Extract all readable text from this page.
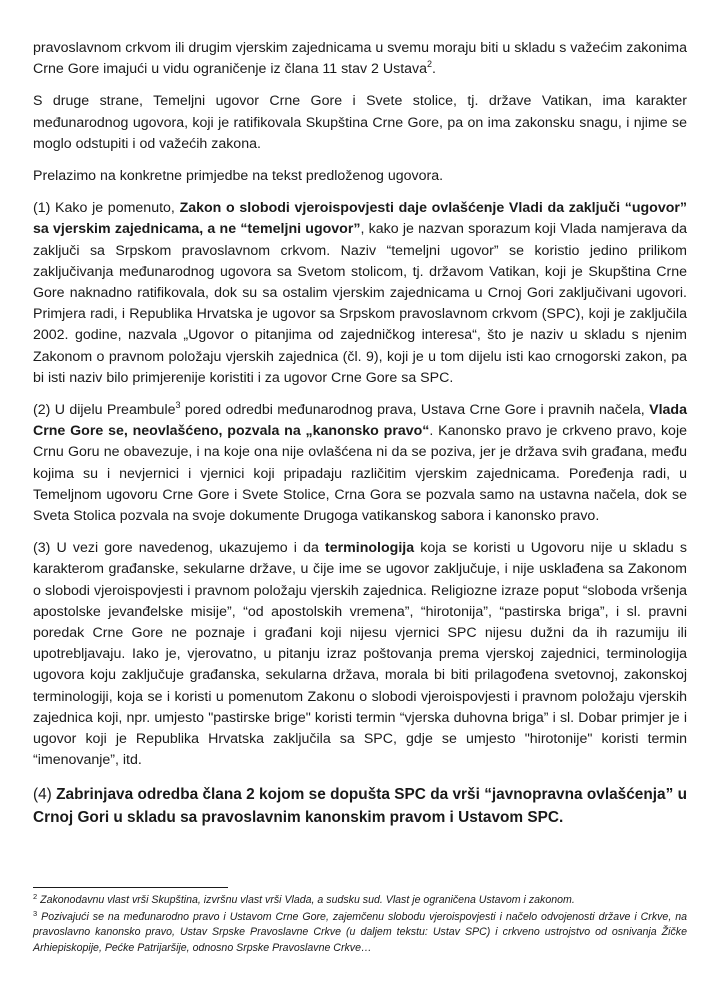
pravoslavnom crkvom ili drugim vjerskim zajednicama u svemu moraju biti u skladu s važećim zakonima Crne Gore imajući u vidu ograničenje iz člana 11 stav 2 Ustava$^2$.

S druge strane, Temeljni ugovor Crne Gore i Svete stolice, tj. države Vatikan, ima karakter međunarodnog ugovora, koji je ratifikovala Skupština Crne Gore, pa on ima zakonsku snagu, i njime se moglo odstupiti i od važećih zakona.

Prelazimo na konkretne primjedbe na tekst predloženog ugovora.

(1) Kako je pomenuto, Zakon o slobodi vjeroispovjesti daje ovlašćenje Vladi da zaključi “ugovor” sa vjerskim zajednicama, a ne “temeljni ugovor”, kako je nazvan sporazum koji Vlada namjerava da zaključi sa Srpskom pravoslavnom crkvom. Naziv “temeljni ugovor” se koristio jedino prilikom zaključivanja međunarodnog ugovora sa Svetom stolicom, tj. državom Vatikan, koji je Skupština Crne Gore naknadno ratifikovala, dok su sa ostalim vjerskim zajednicama u Crnoj Gori zaključivani ugovori. Primjera radi, i Republika Hrvatska je ugovor sa Srpskom pravoslavnom crkvom (SPC), koji je zaključila 2002. godine, nazvala „Ugovor o pitanjima od zajedničkog interesa“, što je naziv u skladu s njenim Zakonom o pravnom položaju vjerskih zajednica (čl. 9), koji je u tom dijelu isti kao crnogorski zakon, pa bi isti naziv bilo primjerenije koristiti i za ugovor Crne Gore sa SPC.

(2) U dijelu Preambule$^3$ pored odredbi međunarodnog prava, Ustava Crne Gore i pravnih načela, Vlada Crne Gore se, neovlašćeno, pozvala na „kanonsko pravo“. Kanonsko pravo je crkveno pravo, koje Crnu Goru ne obavezuje, i na koje ona nije ovlašćena ni da se poziva, jer je država svih građana, među kojima su i nevjernici i vjernici koji pripadaju različitim vjerskim zajednicama. Poređenja radi, u Temeljnom ugovoru Crne Gore i Svete Stolice, Crna Gora se pozvala samo na ustavna načela, dok se Sveta Stolica pozvala na svoje dokumente Drugoga vatikanskog sabora i kanonsko pravo.

(3) U vezi gore navedenog, ukazujemo i da terminologija koja se koristi u Ugovoru nije u skladu s karakterom građanske, sekularne države, u čije ime se ugovor zaključuje, i nije usklađena sa Zakonom o slobodi vjeroispovjesti i pravnom položaju vjerskih zajednica. Religiozne izraze poput “sloboda vršenja apostolske jevanđelske misije”, “od apostolskih vremena”, “hirotonija”, “pastirska briga”, i sl. pravni poredak Crne Gore ne poznaje i građani koji nijesu vjernici SPC nijesu dužni da ih razumiju ili upotrebljavaju. Iako je, vjerovatno, u pitanju izraz poštovanja prema vjerskoj zajednici, terminologija ugovora koju zaključuje građanska, sekularna država, morala bi biti prilagođena svetovnoj, zakonskoj terminologiji, koja se i koristi u pomenutom Zakonu o slobodi vjeroispovjesti i pravnom položaju vjerskih zajednica koji, npr. umjesto "pastirske brige" koristi termin “vjerska duhovna briga” i sl. Dobar primjer je i ugovor koji je Republika Hrvatska zaključila sa SPC, gdje se umjesto "hirotonije" koristi termin “imenovanje”, itd.

(4) Zabrinjava odredba člana 2 kojom se dopušta SPC da vrši “javnopravna ovlašćenja” u Crnoj Gori u skladu sa pravoslavnim kanonskim pravom i Ustavom SPC.

$^2$ Zakonodavnu vlast vrši Skupština, izvršnu vlast vrši Vlada, a sudsku sud. Vlast je ograničena Ustavom i zakonom.

$^3$ Pozivajući se na međunarodno pravo i Ustavom Crne Gore, zajemčenu slobodu vjeroispovjesti i načelo odvojenosti države i Crkve, na pravoslavno kanonsko pravo, Ustav Srpske Pravoslavne Crkve (u daljem tekstu: Ustav SPC) i crkveno ustrojstvo od osnivanja Žičke Arhiepiskopije, Pećke Patrijaršije, odnosno Srpske Pravoslavne Crkve…
